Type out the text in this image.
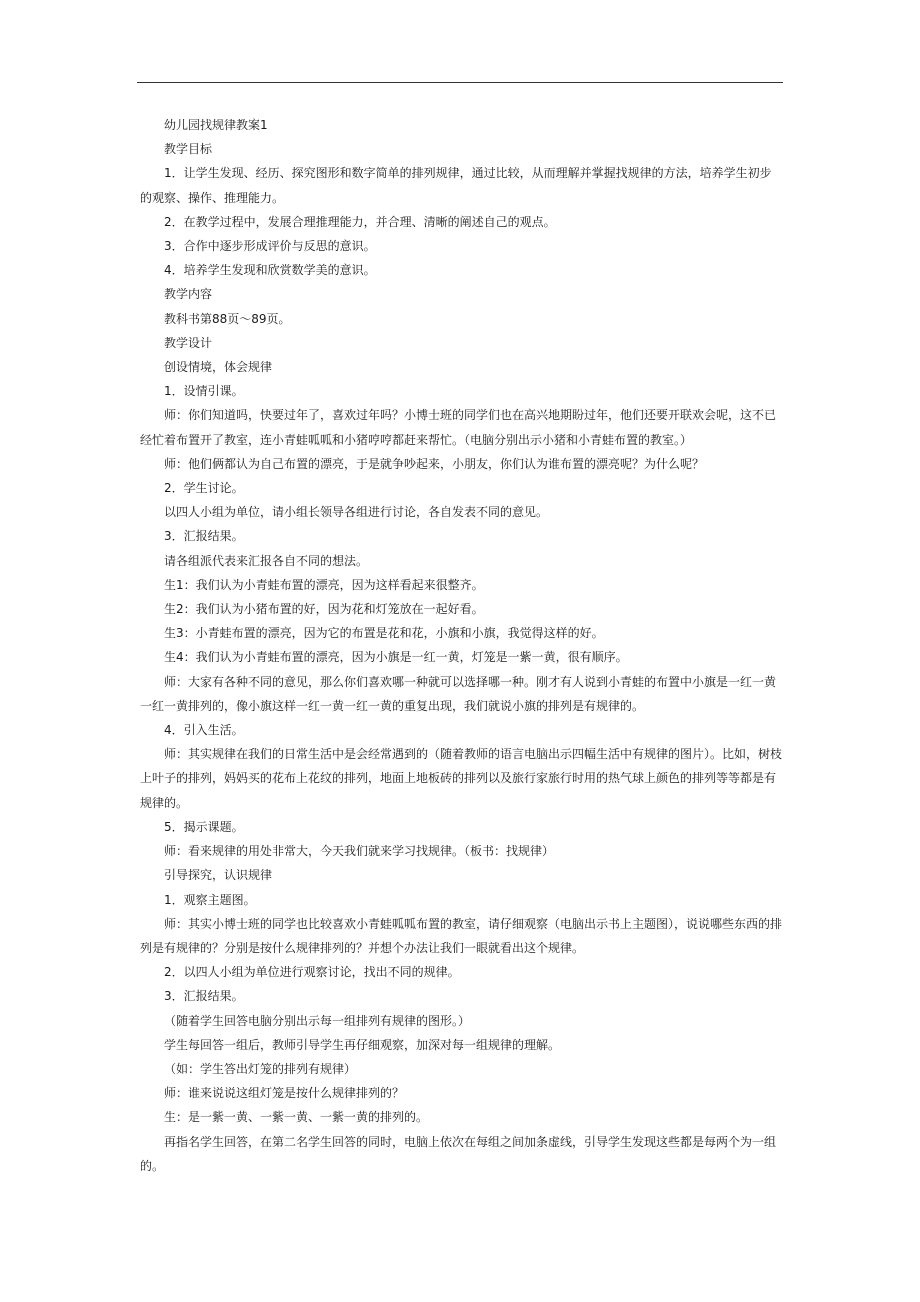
幼儿园找规律教案1

教学目标

1．让学生发现、经历、探究图形和数字简单的排列规律，通过比较，从而理解并掌握找规律的方法，培养学生初步的观察、操作、推理能力。

2．在教学过程中，发展合理推理能力，并合理、清晰的阐述自己的观点。

3．合作中逐步形成评价与反思的意识。

4．培养学生发现和欣赏数学美的意识。

教学内容

教科书第88页～89页。

教学设计

创设情境，体会规律

1．设情引课。

师：你们知道吗，快要过年了，喜欢过年吗？小博士班的同学们也在高兴地期盼过年，他们还要开联欢会呢，这不已经忙着布置开了教室，连小青蛙呱呱和小猪哼哼都赶来帮忙。（电脑分别出示小猪和小青蛙布置的教室。）

师：他们俩都认为自己布置的漂亮，于是就争吵起来，小朋友，你们认为谁布置的漂亮呢？为什么呢？

2．学生讨论。

以四人小组为单位，请小组长领导各组进行讨论，各自发表不同的意见。

3．汇报结果。

请各组派代表来汇报各自不同的想法。

生1：我们认为小青蛙布置的漂亮，因为这样看起来很整齐。

生2：我们认为小猪布置的好，因为花和灯笼放在一起好看。

生3：小青蛙布置的漂亮，因为它的布置是花和花，小旗和小旗，我觉得这样的好。

生4：我们认为小青蛙布置的漂亮，因为小旗是一红一黄，灯笼是一紫一黄，很有顺序。

师：大家有各种不同的意见，那么你们喜欢哪一种就可以选择哪一种。刚才有人说到小青蛙的布置中小旗是一红一黄一红一黄排列的，像小旗这样一红一黄一红一黄的重复出现，我们就说小旗的排列是有规律的。

4．引入生活。

师：其实规律在我们的日常生活中是会经常遇到的（随着教师的语言电脑出示四幅生活中有规律的图片）。比如，树枝上叶子的排列，妈妈买的花布上花纹的排列，地面上地板砖的排列以及旅行家旅行时用的热气球上颜色的排列等等都是有规律的。

5．揭示课题。

师：看来规律的用处非常大，今天我们就来学习找规律。（板书：找规律）

引导探究，认识规律

1．观察主题图。

师：其实小博士班的同学也比较喜欢小青蛙呱呱布置的教室，请仔细观察（电脑出示书上主题图），说说哪些东西的排列是有规律的？分别是按什么规律排列的？并想个办法让我们一眼就看出这个规律。

2．以四人小组为单位进行观察讨论，找出不同的规律。

3．汇报结果。

（随着学生回答电脑分别出示每一组排列有规律的图形。）

学生每回答一组后，教师引导学生再仔细观察，加深对每一组规律的理解。

（如：学生答出灯笼的排列有规律）

师：谁来说说这组灯笼是按什么规律排列的？

生：是一紫一黄、一紫一黄、一紫一黄的排列的。

再指名学生回答，在第二名学生回答的同时，电脑上依次在每组之间加条虚线，引导学生发现这些都是每两个为一组的。
